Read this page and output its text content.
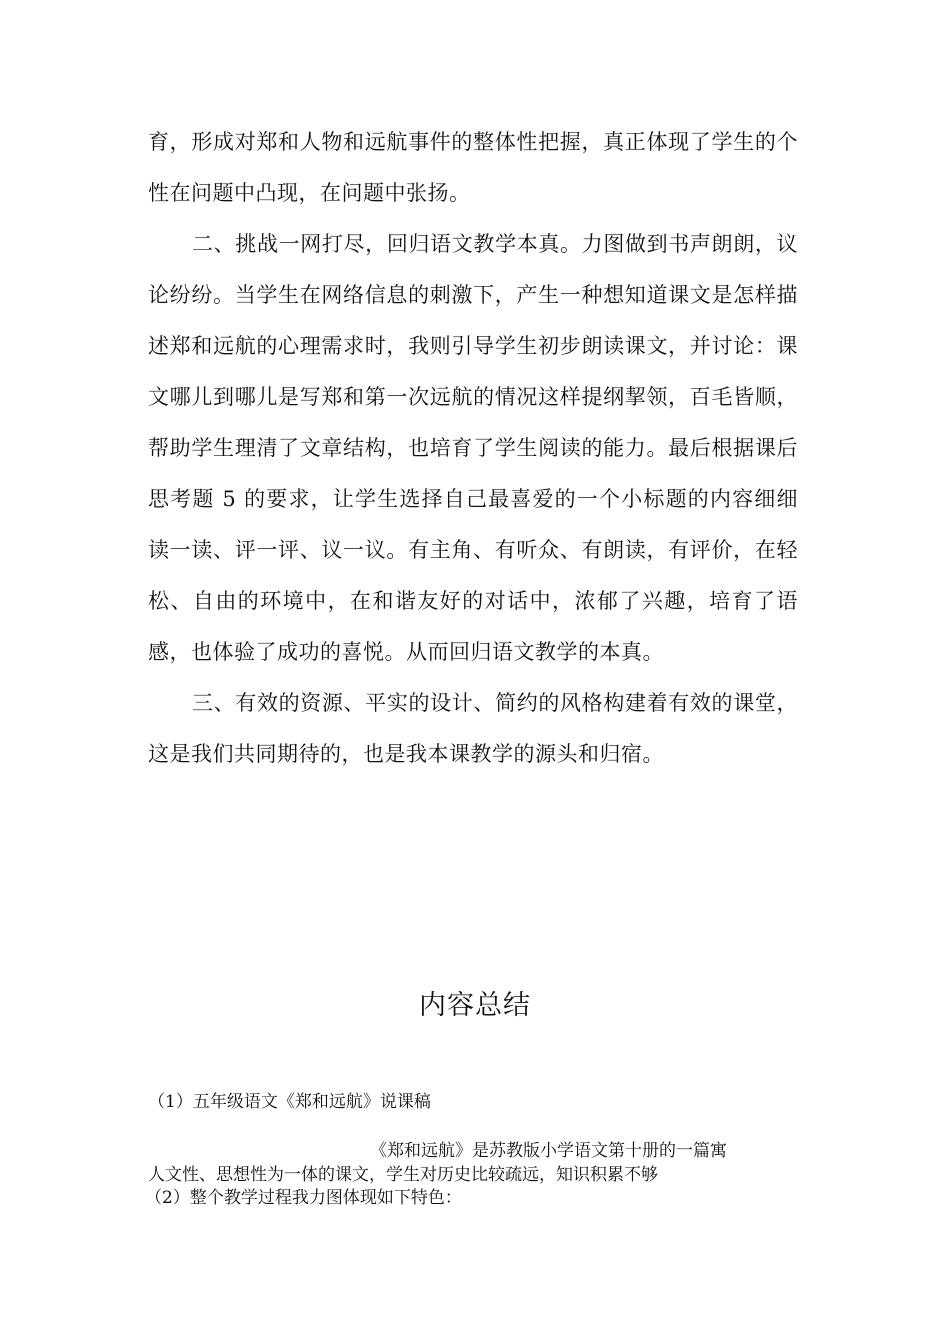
育，形成对郑和人物和远航事件的整体性把握，真正体现了学生的个性在问题中凸现，在问题中张扬。

二、挑战一网打尽，回归语文教学本真。力图做到书声朗朗，议论纷纷。当学生在网络信息的刺激下，产生一种想知道课文是怎样描述郑和远航的心理需求时，我则引导学生初步朗读课文，并讨论：课文哪儿到哪儿是写郑和第一次远航的情况这样提纲挈领，百毛皆顺，帮助学生理清了文章结构，也培育了学生阅读的能力。最后根据课后思考题 5 的要求，让学生选择自己最喜爱的一个小标题的内容细细读一读、评一评、议一议。有主角、有听众、有朗读，有评价，在轻松、自由的环境中，在和谐友好的对话中，浓郁了兴趣，培育了语感，也体验了成功的喜悦。从而回归语文教学的本真。

三、有效的资源、平实的设计、简约的风格构建着有效的课堂，这是我们共同期待的，也是我本课教学的源头和归宿。

内容总结
（1）五年级语文《郑和远航》说课稿
《郑和远航》是苏教版小学语文第十册的一篇寓
人文性、思想性为一体的课文，学生对历史比较疏远，知识积累不够
（2）整个教学过程我力图体现如下特色：
